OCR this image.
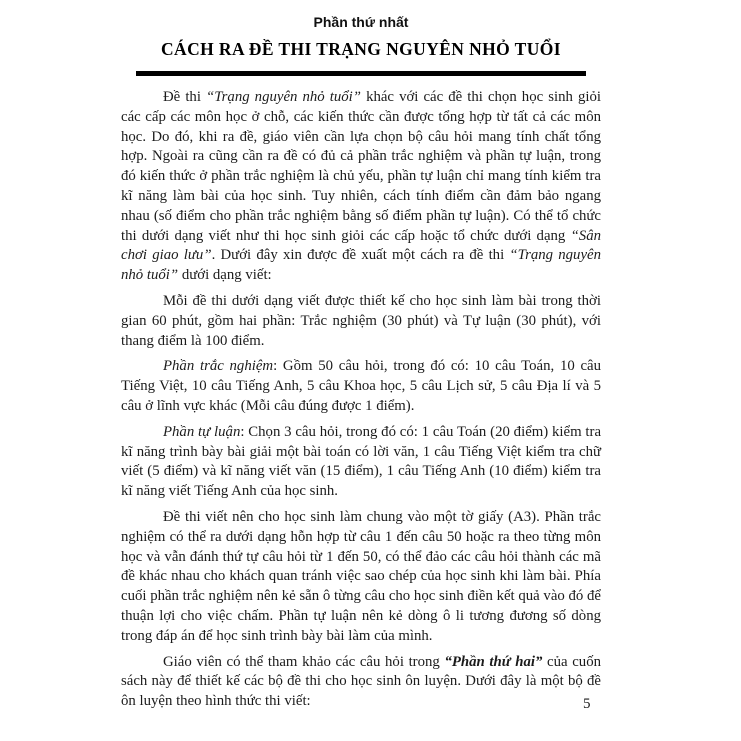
Phần thứ nhất
CÁCH RA ĐỀ THI TRẠNG NGUYÊN NHỎ TUỔI

Đề thi “Trạng nguyên nhỏ tuổi” khác với các đề thi chọn học sinh giỏi các cấp các môn học ở chỗ, các kiến thức cần được tổng hợp từ tất cả các môn học. Do đó, khi ra đề, giáo viên cần lựa chọn bộ câu hỏi mang tính chất tổng hợp. Ngoài ra cũng cần ra đề có đủ cả phần trắc nghiệm và phần tự luận, trong đó kiến thức ở phần trắc nghiệm là chủ yếu, phần tự luận chỉ mang tính kiểm tra kĩ năng làm bài của học sinh. Tuy nhiên, cách tính điểm cần đảm bảo ngang nhau (số điểm cho phần trắc nghiệm bằng số điểm phần tự luận). Có thể tổ chức thi dưới dạng viết như thi học sinh giỏi các cấp hoặc tổ chức dưới dạng “Sân chơi giao lưu”. Dưới đây xin được đề xuất một cách ra đề thi “Trạng nguyên nhỏ tuổi” dưới dạng viết:

Mỗi đề thi dưới dạng viết được thiết kế cho học sinh làm bài trong thời gian 60 phút, gồm hai phần: Trắc nghiệm (30 phút) và Tự luận (30 phút), với thang điểm là 100 điểm.

Phần trắc nghiệm: Gồm 50 câu hỏi, trong đó có: 10 câu Toán, 10 câu Tiếng Việt, 10 câu Tiếng Anh, 5 câu Khoa học, 5 câu Lịch sử, 5 câu Địa lí và 5 câu ở lĩnh vực khác (Mỗi câu đúng được 1 điểm).

Phần tự luận: Chọn 3 câu hỏi, trong đó có: 1 câu Toán (20 điểm) kiểm tra kĩ năng trình bày bài giải một bài toán có lời văn, 1 câu Tiếng Việt kiểm tra chữ viết (5 điểm) và kĩ năng viết văn (15 điểm), 1 câu Tiếng Anh (10 điểm) kiểm tra kĩ năng viết Tiếng Anh của học sinh.

Đề thi viết nên cho học sinh làm chung vào một tờ giấy (A3). Phần trắc nghiệm có thể ra dưới dạng hỗn hợp từ câu 1 đến câu 50 hoặc ra theo từng môn học và vẫn đánh thứ tự câu hỏi từ 1 đến 50, có thể đảo các câu hỏi thành các mã đề khác nhau cho khách quan tránh việc sao chép của học sinh khi làm bài. Phía cuối phần trắc nghiệm nên kẻ sẵn ô từng câu cho học sinh điền kết quả vào đó để thuận lợi cho việc chấm. Phần tự luận nên kẻ dòng ô li tương đương số dòng trong đáp án để học sinh trình bày bài làm của mình.

Giáo viên có thể tham khảo các câu hỏi trong “Phần thứ hai” của cuốn sách này để thiết kế các bộ đề thi cho học sinh ôn luyện. Dưới đây là một bộ đề ôn luyện theo hình thức thi viết:	5
